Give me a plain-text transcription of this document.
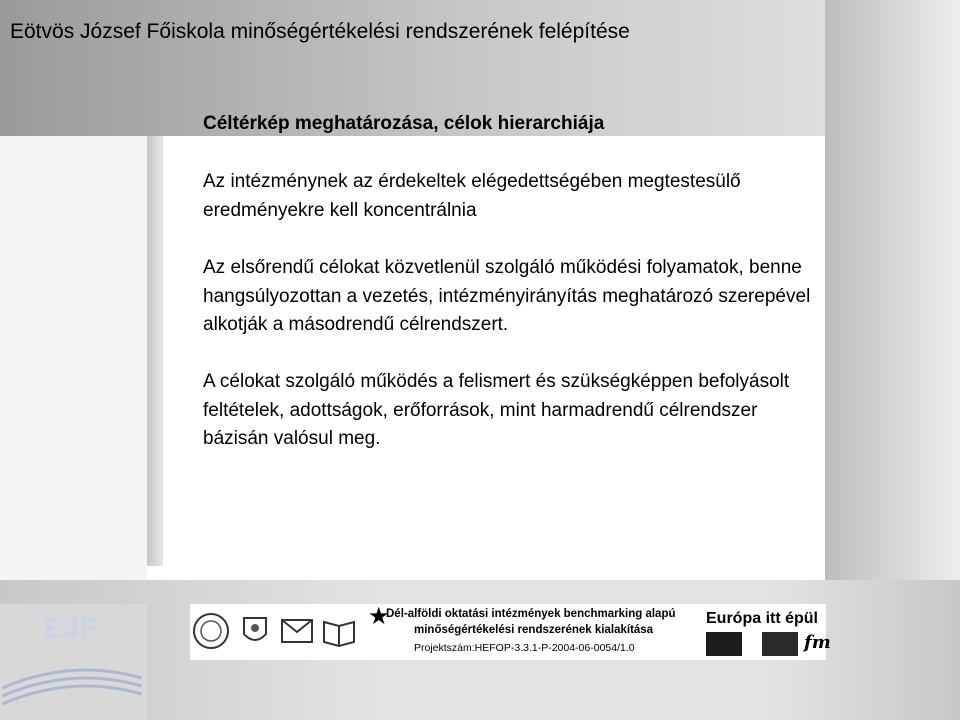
Eötvös József Főiskola minőségértékelési rendszerének felépítése
Céltérkép meghatározása, célok hierarchiája

Az intézménynek az érdekeltek elégedettségében megtestesülő eredményekre kell koncentrálnia

Az elsőrendű célokat közvetlenül szolgáló működési folyamatok, benne hangsúlyozottan a vezetés, intézményirányítás meghatározó szerepével alkotják a másodrendű célrendszert.

A célokat szolgáló működés a felismert és szükségképpen befolyásolt feltételek, adottságok, erőforrások, mint harmadrendű célrendszer bázisán valósul meg.

EJF	★
Dél-alföldi oktatási intézmények benchmarking alapú
minőségértékelési rendszerének kialakítása
Projektszám:HEFOP-3.3.1-P-2004-06-0054/1.0
Európa itt épül
fm
